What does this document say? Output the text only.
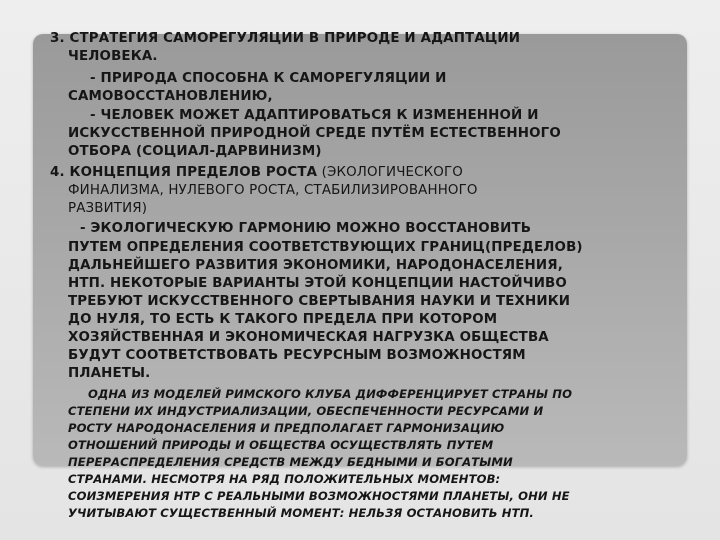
3. СТРАТЕГИЯ САМОРЕГУЛЯЦИИ В ПРИРОДЕ И АДАПТАЦИИ
ЧЕЛОВЕКА.
- ПРИРОДА СПОСОБНА К САМОРЕГУЛЯЦИИ И
САМОВОССТАНОВЛЕНИЮ,
- ЧЕЛОВЕК МОЖЕТ АДАПТИРОВАТЬСЯ К ИЗМЕНЕННОЙ И
ИСКУССТВЕННОЙ ПРИРОДНОЙ СРЕДЕ ПУТЁМ ЕСТЕСТВЕННОГО
ОТБОРА (СОЦИАЛ-ДАРВИНИЗМ)
4. КОНЦЕПЦИЯ ПРЕДЕЛОВ РОСТА (ЭКОЛОГИЧЕСКОГО
ФИНАЛИЗМА, НУЛЕВОГО РОСТА, СТАБИЛИЗИРОВАННОГО
РАЗВИТИЯ)
- ЭКОЛОГИЧЕСКУЮ ГАРМОНИЮ МОЖНО ВОССТАНОВИТЬ
ПУТЕМ ОПРЕДЕЛЕНИЯ СООТВЕТСТВУЮЩИХ ГРАНИЦ(ПРЕДЕЛОВ)
ДАЛЬНЕЙШЕГО РАЗВИТИЯ ЭКОНОМИКИ, НАРОДОНАСЕЛЕНИЯ,
НТП. НЕКОТОРЫЕ ВАРИАНТЫ ЭТОЙ КОНЦЕПЦИИ НАСТОЙЧИВО
ТРЕБУЮТ ИСКУССТВЕННОГО СВЕРТЫВАНИЯ НАУКИ И ТЕХНИКИ
ДО НУЛЯ, ТО ЕСТЬ К ТАКОГО ПРЕДЕЛА ПРИ КОТОРОМ
ХОЗЯЙСТВЕННАЯ И ЭКОНОМИЧЕСКАЯ НАГРУЗКА ОБЩЕСТВА
БУДУТ СООТВЕТСТВОВАТЬ РЕСУРСНЫМ ВОЗМОЖНОСТЯМ
ПЛАНЕТЫ.
ОДНА ИЗ МОДЕЛЕЙ РИМСКОГО КЛУБА ДИФФЕРЕНЦИРУЕТ СТРАНЫ ПО
СТЕПЕНИ ИХ ИНДУСТРИАЛИЗАЦИИ, ОБЕСПЕЧЕННОСТИ РЕСУРСАМИ И
РОСТУ НАРОДОНАСЕЛЕНИЯ И ПРЕДПОЛАГАЕТ ГАРМОНИЗАЦИЮ
ОТНОШЕНИЙ ПРИРОДЫ И ОБЩЕСТВА ОСУЩЕСТВЛЯТЬ ПУТЕМ
ПЕРЕРАСПРЕДЕЛЕНИЯ СРЕДСТВ МЕЖДУ БЕДНЫМИ И БОГАТЫМИ
СТРАНАМИ. НЕСМОТРЯ НА РЯД ПОЛОЖИТЕЛЬНЫХ МОМЕНТОВ:
СОИЗМЕРЕНИЯ НТР С РЕАЛЬНЫМИ ВОЗМОЖНОСТЯМИ ПЛАНЕТЫ, ОНИ НЕ
УЧИТЫВАЮТ СУЩЕСТВЕННЫЙ МОМЕНТ: НЕЛЬЗЯ ОСТАНОВИТЬ НТП.
